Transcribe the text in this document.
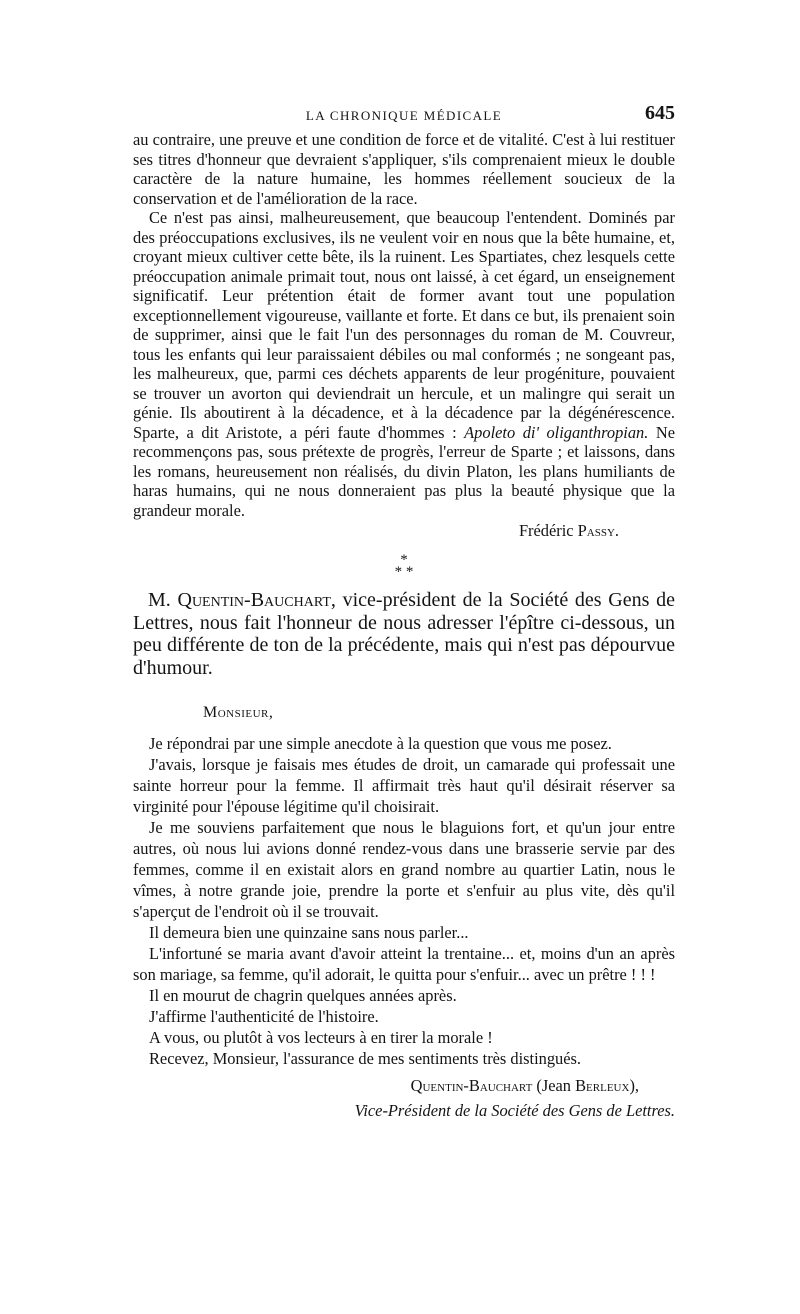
LA CHRONIQUE MÉDICALE	645

au contraire, une preuve et une condition de force et de vitalité. C'est à lui restituer ses titres d'honneur que devraient s'appliquer, s'ils comprenaient mieux le double caractère de la nature humaine, les hommes réellement soucieux de la conservation et de l'amélioration de la race.

Ce n'est pas ainsi, malheureusement, que beaucoup l'entendent. Dominés par des préoccupations exclusives, ils ne veulent voir en nous que la bête humaine, et, croyant mieux cultiver cette bête, ils la ruinent. Les Spartiates, chez lesquels cette préoccupation animale primait tout, nous ont laissé, à cet égard, un enseignement significatif. Leur prétention était de former avant tout une population exceptionnellement vigoureuse, vaillante et forte. Et dans ce but, ils prenaient soin de supprimer, ainsi que le fait l'un des personnages du roman de M. Couvreur, tous les enfants qui leur paraissaient débiles ou mal conformés ; ne songeant pas, les malheureux, que, parmi ces déchets apparents de leur progéniture, pouvaient se trouver un avorton qui deviendrait un hercule, et un malingre qui serait un génie. Ils aboutirent à la décadence, et à la décadence par la dégénérescence. Sparte, a dit Aristote, a péri faute d'hommes : Apoleto di' oliganthropian. Ne recommençons pas, sous prétexte de progrès, l'erreur de Sparte ; et laissons, dans les romans, heureusement non réalisés, du divin Platon, les plans humiliants de haras humains, qui ne nous donneraient pas plus la beauté physique que la grandeur morale.

Frédéric Passy.
*
* *

M. Quentin-Bauchart, vice-président de la Société des Gens de Lettres, nous fait l'honneur de nous adresser l'épître ci-dessous, un peu différente de ton de la précédente, mais qui n'est pas dépourvue d'humour.

Monsieur,

Je répondrai par une simple anecdote à la question que vous me posez.

J'avais, lorsque je faisais mes études de droit, un camarade qui professait une sainte horreur pour la femme. Il affirmait très haut qu'il désirait réserver sa virginité pour l'épouse légitime qu'il choisirait.

Je me souviens parfaitement que nous le blaguions fort, et qu'un jour entre autres, où nous lui avions donné rendez-vous dans une brasserie servie par des femmes, comme il en existait alors en grand nombre au quartier Latin, nous le vîmes, à notre grande joie, prendre la porte et s'enfuir au plus vite, dès qu'il s'aperçut de l'endroit où il se trouvait.

Il demeura bien une quinzaine sans nous parler...

L'infortuné se maria avant d'avoir atteint la trentaine... et, moins d'un an après son mariage, sa femme, qu'il adorait, le quitta pour s'enfuir... avec un prêtre ! ! !

Il en mourut de chagrin quelques années après.

J'affirme l'authenticité de l'histoire.

A vous, ou plutôt à vos lecteurs à en tirer la morale !

Recevez, Monsieur, l'assurance de mes sentiments très distingués.

Quentin-Bauchart (Jean Berleux),
Vice-Président de la Société des Gens de Lettres.
